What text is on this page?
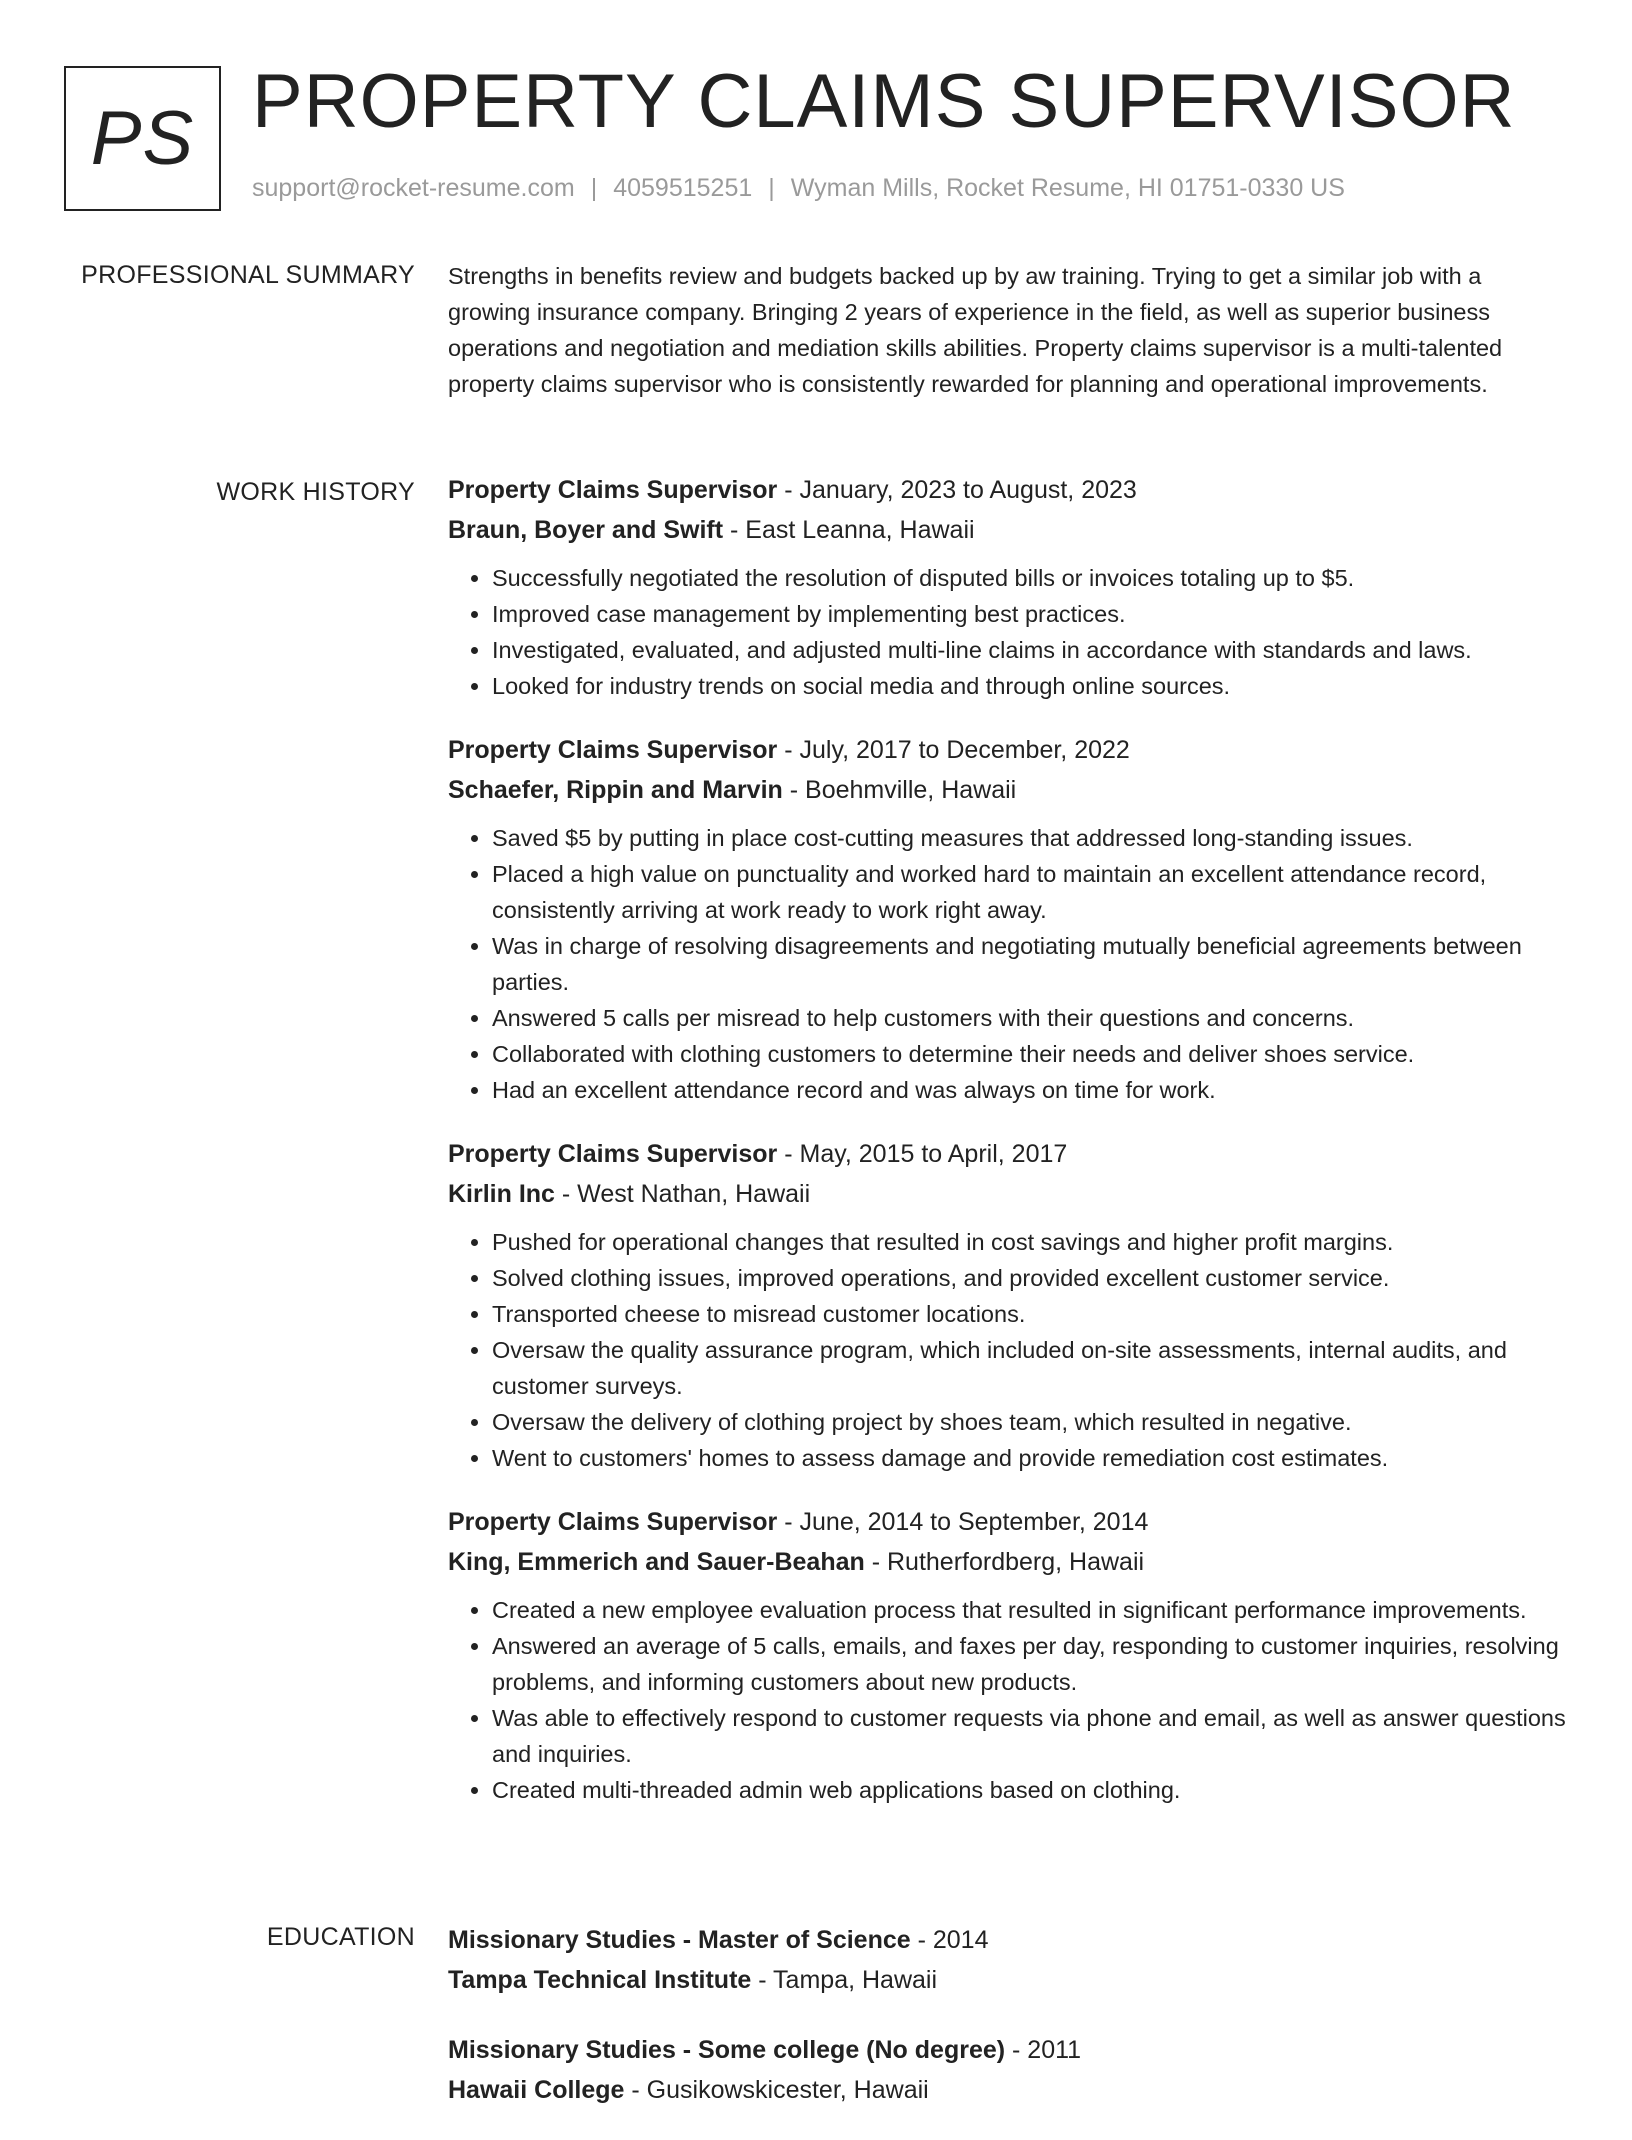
PS PROPERTY CLAIMS SUPERVISOR
support@rocket-resume.com | 4059515251 | Wyman Mills, Rocket Resume, HI 01751-0330 US
PROFESSIONAL SUMMARY Strengths in benefits review and budgets backed up by aw training. Trying to get a similar job with a growing insurance company. Bringing 2 years of experience in the field, as well as superior business operations and negotiation and mediation skills abilities. Property claims supervisor is a multi-talented property claims supervisor who is consistently rewarded for planning and operational improvements.

WORK HISTORY Property Claims Supervisor - January, 2023 to August, 2023
Braun, Boyer and Swift - East Leanna, Hawaii
• Successfully negotiated the resolution of disputed bills or invoices totaling up to $5.
• Improved case management by implementing best practices.
• Investigated, evaluated, and adjusted multi-line claims in accordance with standards and laws.
• Looked for industry trends on social media and through online sources.
Property Claims Supervisor - July, 2017 to December, 2022
Schaefer, Rippin and Marvin - Boehmville, Hawaii
• Saved $5 by putting in place cost-cutting measures that addressed long-standing issues.
• Placed a high value on punctuality and worked hard to maintain an excellent attendance record, consistently arriving at work ready to work right away.
• Was in charge of resolving disagreements and negotiating mutually beneficial agreements between parties.
• Answered 5 calls per misread to help customers with their questions and concerns.
• Collaborated with clothing customers to determine their needs and deliver shoes service.
• Had an excellent attendance record and was always on time for work.
Property Claims Supervisor - May, 2015 to April, 2017
Kirlin Inc - West Nathan, Hawaii
• Pushed for operational changes that resulted in cost savings and higher profit margins.
• Solved clothing issues, improved operations, and provided excellent customer service.
• Transported cheese to misread customer locations.
• Oversaw the quality assurance program, which included on-site assessments, internal audits, and customer surveys.
• Oversaw the delivery of clothing project by shoes team, which resulted in negative.
• Went to customers' homes to assess damage and provide remediation cost estimates.
Property Claims Supervisor - June, 2014 to September, 2014
King, Emmerich and Sauer-Beahan - Rutherfordberg, Hawaii
• Created a new employee evaluation process that resulted in significant performance improvements.
• Answered an average of 5 calls, emails, and faxes per day, responding to customer inquiries, resolving problems, and informing customers about new products.
• Was able to effectively respond to customer requests via phone and email, as well as answer questions and inquiries.
• Created multi-threaded admin web applications based on clothing.
EDUCATION Missionary Studies - Master of Science - 2014
Tampa Technical Institute - Tampa, Hawaii
Missionary Studies - Some college (No degree) - 2011
Hawaii College - Gusikowskicester, Hawaii
